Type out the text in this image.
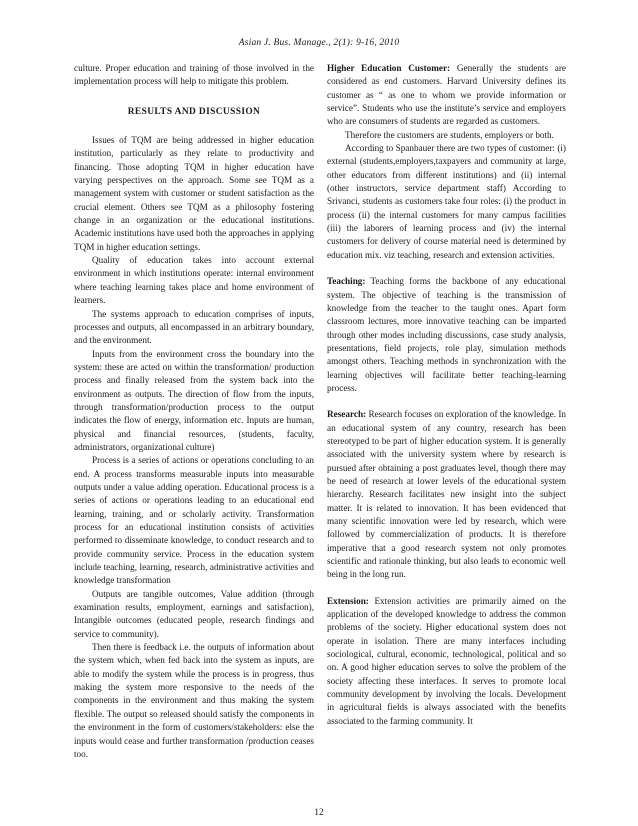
Asian J. Bus. Manage., 2(1): 9-16, 2010

culture. Proper education and training of those involved in the implementation process will help to mitigate this problem.

RESULTS AND DISCUSSION

Issues of TQM are being addressed in higher education institution, particularly as they relate to productivity and financing. Those adopting TQM in higher education have varying perspectives on the approach. Some see TQM as a management system with customer or student satisfaction as the crucial element. Others see TQM as a philosophy fostering change in an organization or the educational institutions. Academic institutions have used both the approaches in applying TQM in higher education settings.

Quality of education takes into account external environment in which institutions operate: internal environment where teaching learning takes place and home environment of learners.

The systems approach to education comprises of inputs, processes and outputs, all encompassed in an arbitrary boundary, and the environment.

Inputs from the environment cross the boundary into the system: these are acted on within the transformation/ production process and finally released from the system back into the environment as outputs. The direction of flow from the inputs, through transformation/production process to the output indicates the flow of energy, information etc. Inputs are human, physical and financial resources, (students, faculty, administrators, organizational culture)

Process is a series of actions or operations concluding to an end. A process transforms measurable inputs into measurable outputs under a value adding operation. Educational process is a series of actions or operations leading to an educational end learning, training, and or scholarly activity. Transformation process for an educational institution consists of activities performed to disseminate knowledge, to conduct research and to provide community service. Process in the education system include teaching, learning, research, administrative activities and knowledge transformation

Outputs are tangible outcomes, Value addition (through examination results, employment, earnings and satisfaction), Intangible outcomes (educated people, research findings and service to community).

Then there is feedback i.e. the outputs of information about the system which, when fed back into the system as inputs, are able to modify the system while the process is in progress, thus making the system more responsive to the needs of the components in the environment and thus making the system flexible. The output so released should satisfy the components in the environment in the form of customers/stakeholders: else the inputs would cease and further transformation /production ceases too.

Higher Education Customer: Generally the students are considered as end customers. Harvard University defines its customer as “ as one to whom we provide information or service”. Students who use the institute’s service and employers who are consumers of students are regarded as customers.

Therefore the customers are students, employers or both.

According to Spanbauer there are two types of customer: (i) external (students,employers,taxpayers and community at large, other educators from different institutions) and (ii) internal (other instructors, service department staff) According to Srivanci, students as customers take four roles: (i) the product in process (ii) the internal customers for many campus facilities (iii) the laborers of learning process and (iv) the internal customers for delivery of course material need is determined by education mix. viz teaching, research and extension activities.

Teaching: Teaching forms the backbone of any educational system. The objective of teaching is the transmission of knowledge from the teacher to the taught ones. Apart form classroom lectures, more innovative teaching can be imparted through other modes including discussions, case study analysis, presentations, field projects, role play, simulation methods amongst others. Teaching methods in synchronization with the learning objectives will facilitate better teaching-learning process.

Research: Research focuses on exploration of the knowledge. In an educational system of any country, research has been stereotyped to be part of higher education system. It is generally associated with the university system where by research is pursued after obtaining a post graduates level, though there may be need of research at lower levels of the educational system hierarchy. Research facilitates new insight into the subject matter. It is related to innovation. It has been evidenced that many scientific innovation were led by research, which were followed by commercialization of products. It is therefore imperative that a good research system not only promotes scientific and rationale thinking, but also leads to economic well being in the long run.

Extension: Extension activities are primarily aimed on the application of the developed knowledge to address the common problems of the society. Higher educational system does not operate in isolation. There are many interfaces including sociological, cultural, economic, technological, political and so on. A good higher education serves to solve the problem of the society affecting these interfaces. It serves to promote local community development by involving the locals. Development in agricultural fields is always associated with the benefits associated to the farming community. It

12
